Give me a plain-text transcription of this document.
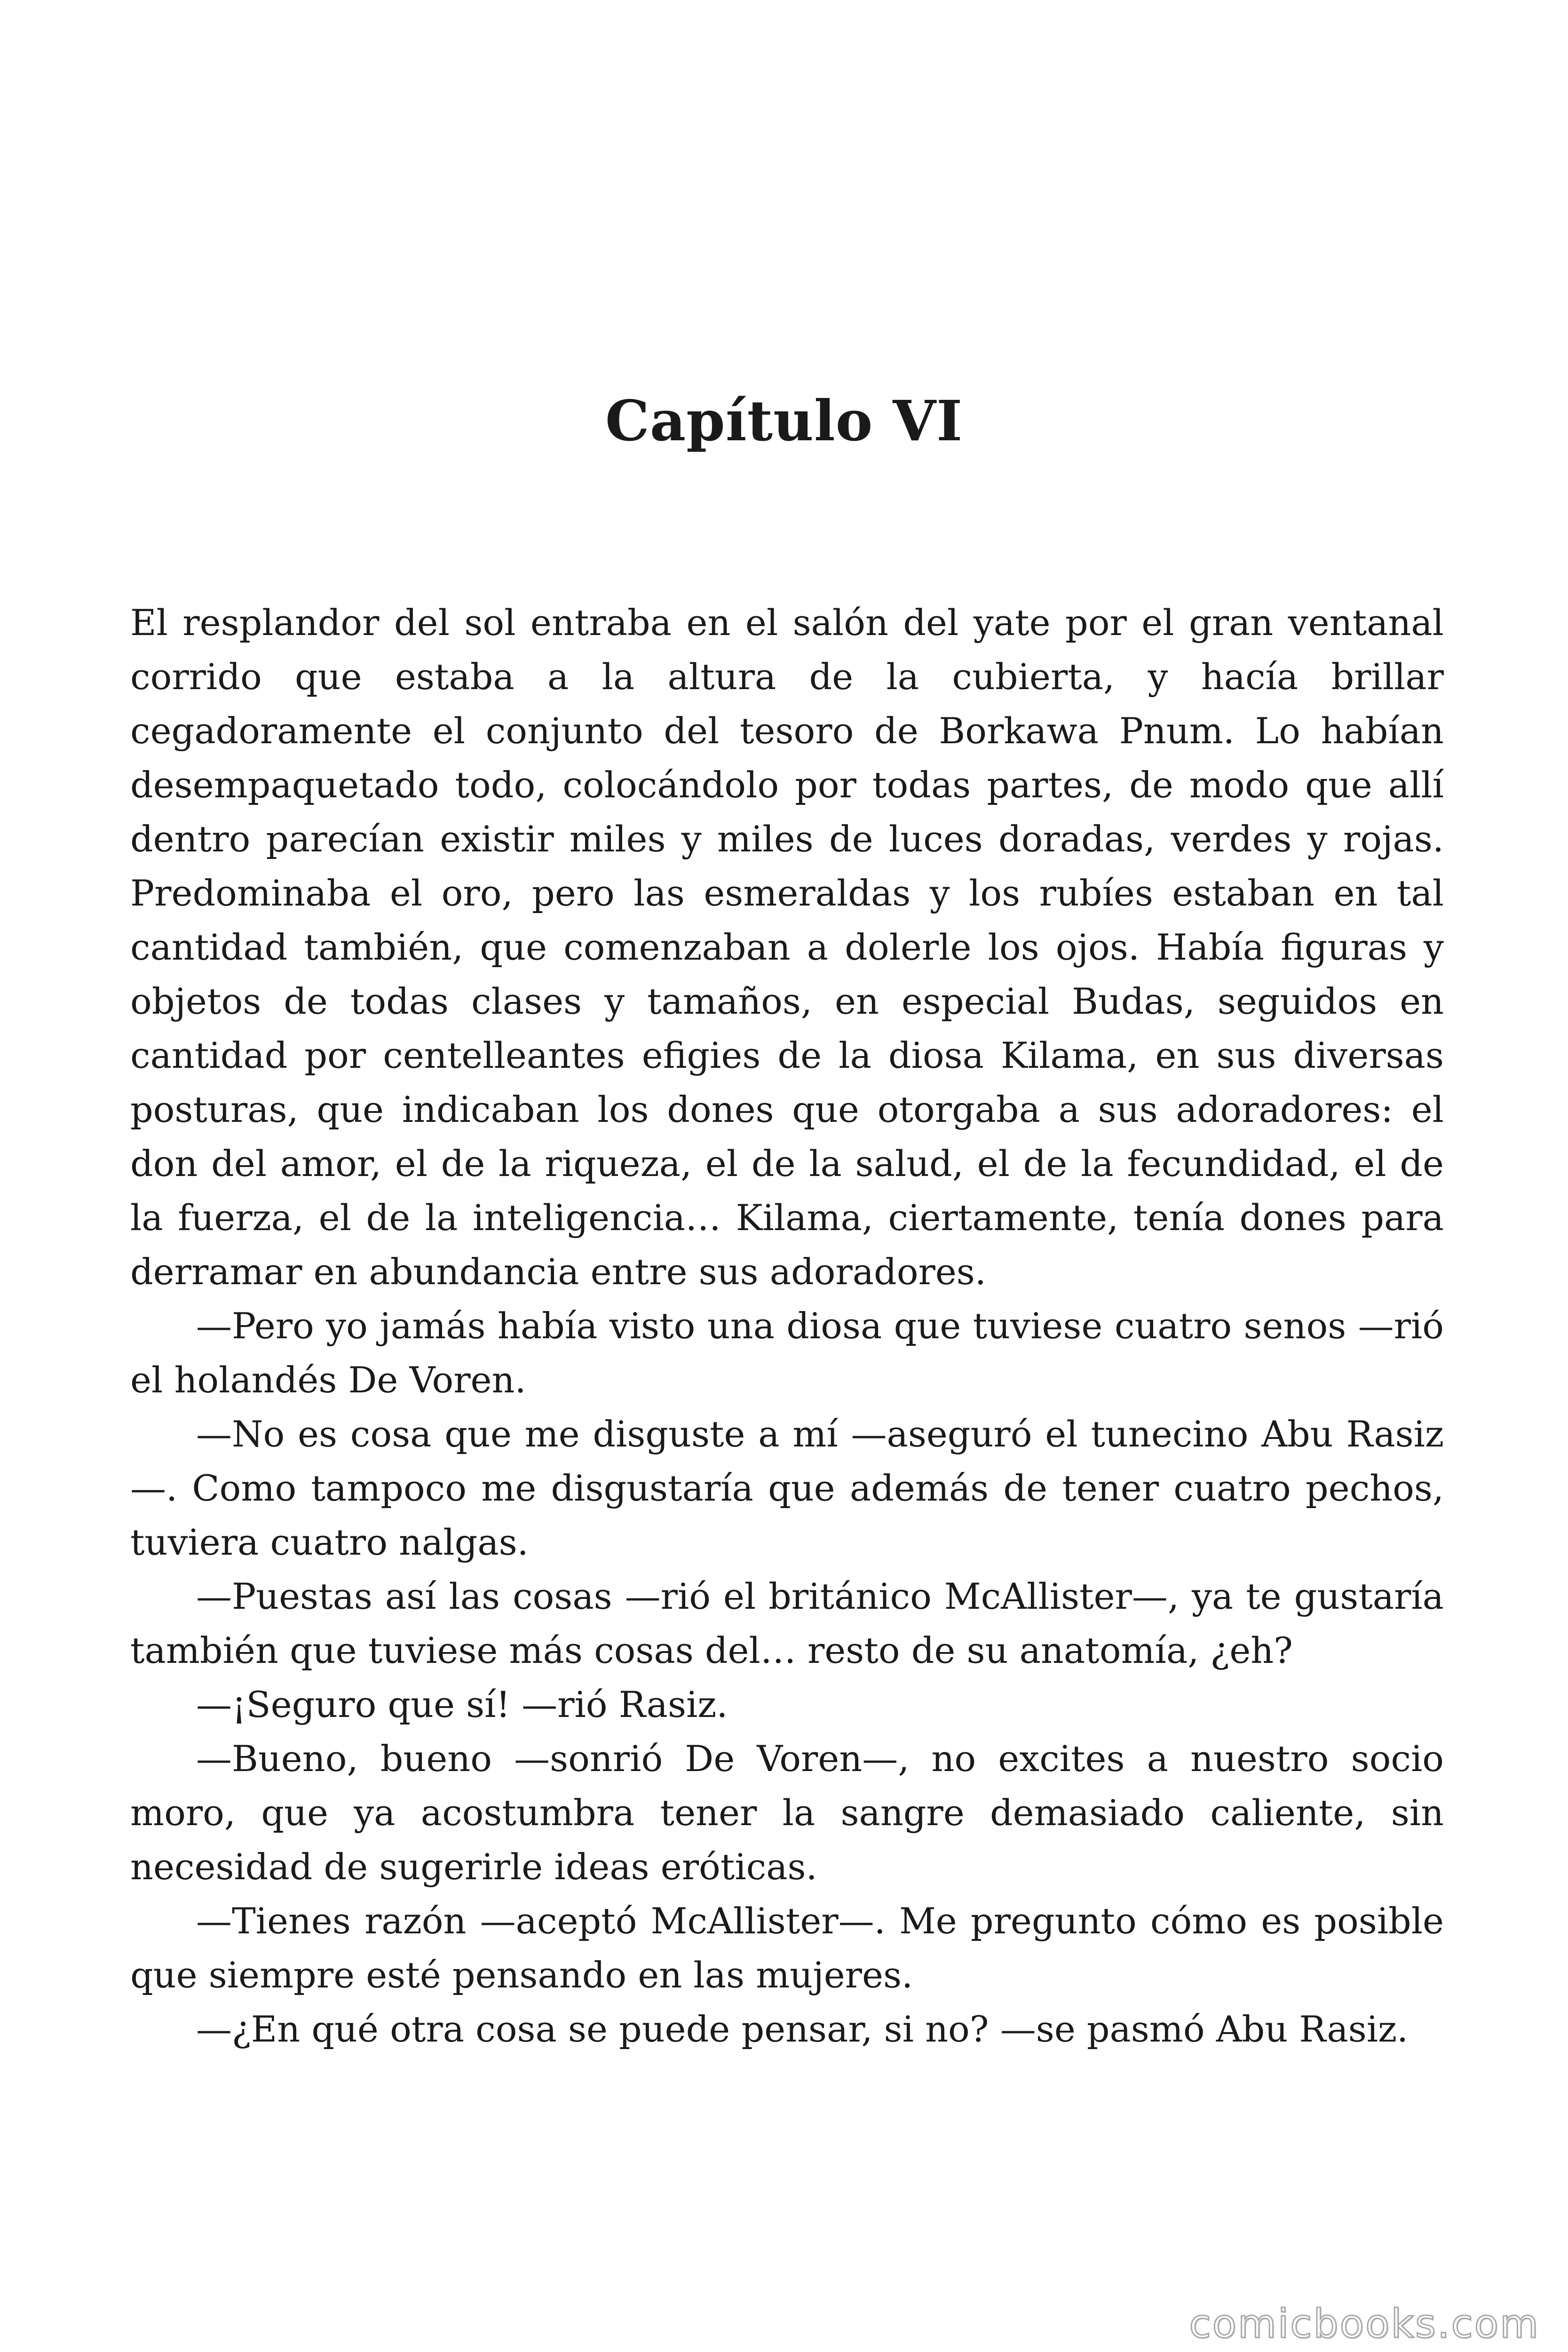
Capítulo VI

El resplandor del sol entraba en el salón del yate por el gran ventanal corrido que estaba a la altura de la cubierta, y hacía brillar cegadoramente el conjunto del tesoro de Borkawa Pnum. Lo habían desempaquetado todo, colocándolo por todas partes, de modo que allí dentro parecían existir miles y miles de luces doradas, verdes y rojas. Predominaba el oro, pero las esmeraldas y los rubíes estaban en tal cantidad también, que comenzaban a dolerle los ojos. Había figuras y objetos de todas clases y tamaños, en especial Budas, seguidos en cantidad por centelleantes efigies de la diosa Kilama, en sus diversas posturas, que indicaban los dones que otorgaba a sus adoradores: el don del amor, el de la riqueza, el de la salud, el de la fecundidad, el de la fuerza, el de la inteligencia… Kilama, ciertamente, tenía dones para derramar en abundancia entre sus adoradores.

—Pero yo jamás había visto una diosa que tuviese cuatro senos —rió el holandés De Voren.

—No es cosa que me disguste a mí —aseguró el tunecino Abu Rasiz—. Como tampoco me disgustaría que además de tener cuatro pechos, tuviera cuatro nalgas.

—Puestas así las cosas —rió el británico McAllister—, ya te gustaría también que tuviese más cosas del… resto de su anatomía, ¿eh?

—¡Seguro que sí! —rió Rasiz.

—Bueno, bueno —sonrió De Voren—, no excites a nuestro socio moro, que ya acostumbra tener la sangre demasiado caliente, sin necesidad de sugerirle ideas eróticas.

—Tienes razón —aceptó McAllister—. Me pregunto cómo es posible que siempre esté pensando en las mujeres.

—¿En qué otra cosa se puede pensar, si no? —se pasmó Abu Rasiz.

comicbooks.com
